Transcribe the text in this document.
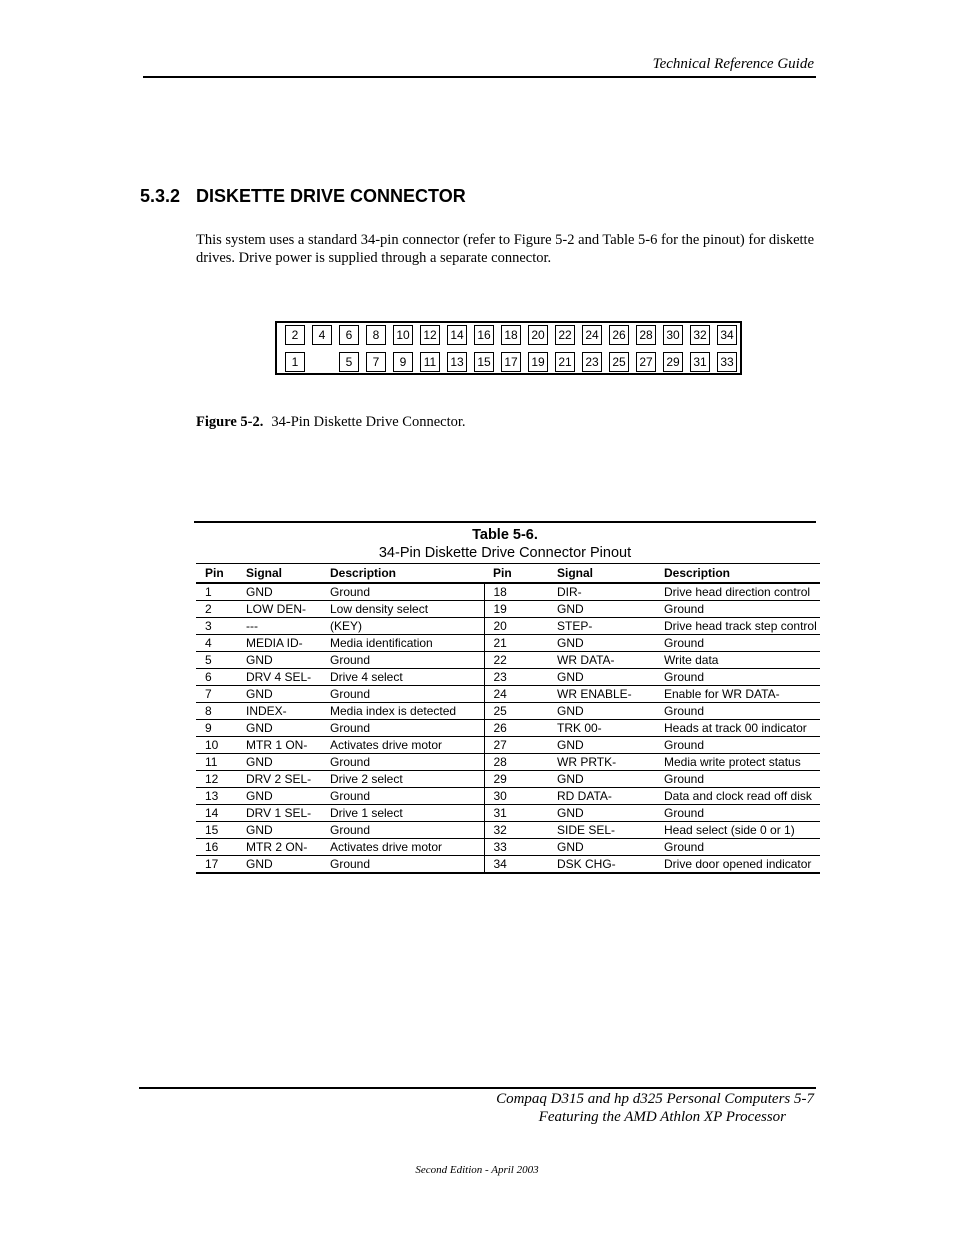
Technical Reference Guide
5.3.2 DISKETTE DRIVE CONNECTOR
This system uses a standard 34-pin connector (refer to Figure 5-2 and Table 5-6 for the pinout) for diskette drives. Drive power is supplied through a separate connector.
2	4	6	8	10 12 14 16 18 20 22 24 26 28 30 32 34
1	5	7	9	11	13 15 17 19 21 23 25 27 29 31 33
Figure 5-2. 34-Pin Diskette Drive Connector.
Table 5-6.
34-Pin Diskette Drive Connector Pinout
Pin	Signal	Description	Pin	Signal	Description
1	GND	Ground	18	DIR-	Drive head direction control
2	LOW DEN-	Low density select	19	GND	Ground
3	---	(KEY)	20	STEP-	Drive head track step control
4	MEDIA ID-	Media identification	21	GND	Ground
5	GND	Ground	22	WR DATA-	Write data
6	DRV 4 SEL-	Drive 4 select	23	GND	Ground
7	GND	Ground	24	WR ENABLE-	Enable for WR DATA-
8	INDEX-	Media index is detected	25	GND	Ground
9	GND	Ground	26	TRK 00-	Heads at track 00 indicator
10	MTR 1 ON-	Activates drive motor	27	GND	Ground
11	GND	Ground	28	WR PRTK-	Media write protect status
12	DRV 2 SEL-	Drive 2 select	29	GND	Ground
13	GND	Ground	30	RD DATA-	Data and clock read off disk
14	DRV 1 SEL-	Drive 1 select	31	GND	Ground
15	GND	Ground	32	SIDE SEL-	Head select (side 0 or 1)
16	MTR 2 ON-	Activates drive motor	33	GND	Ground
17	GND	Ground	34	DSK CHG-	Drive door opened indicator
Compaq D315 and hp d325 Personal Computers 5-7
Featuring the AMD Athlon XP Processor
Second Edition - April 2003
